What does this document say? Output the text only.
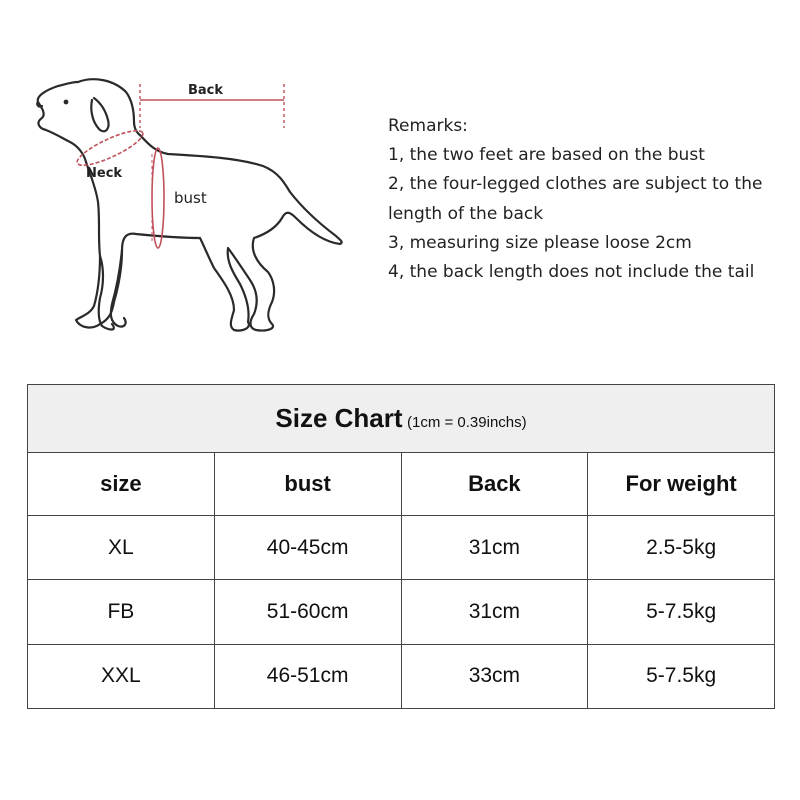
Back
Neck
bust
Remarks:
1, the two feet are based on the bust
2, the four-legged clothes are subject to the length of the back
3, measuring size please loose 2cm
4, the back length does not include the tail
Size Chart (1cm = 0.39inchs)			
size	bust	Back	For weight
XL	40-45cm	31cm	2.5-5kg
FB	51-60cm	31cm	5-7.5kg
XXL	46-51cm	33cm	5-7.5kg
